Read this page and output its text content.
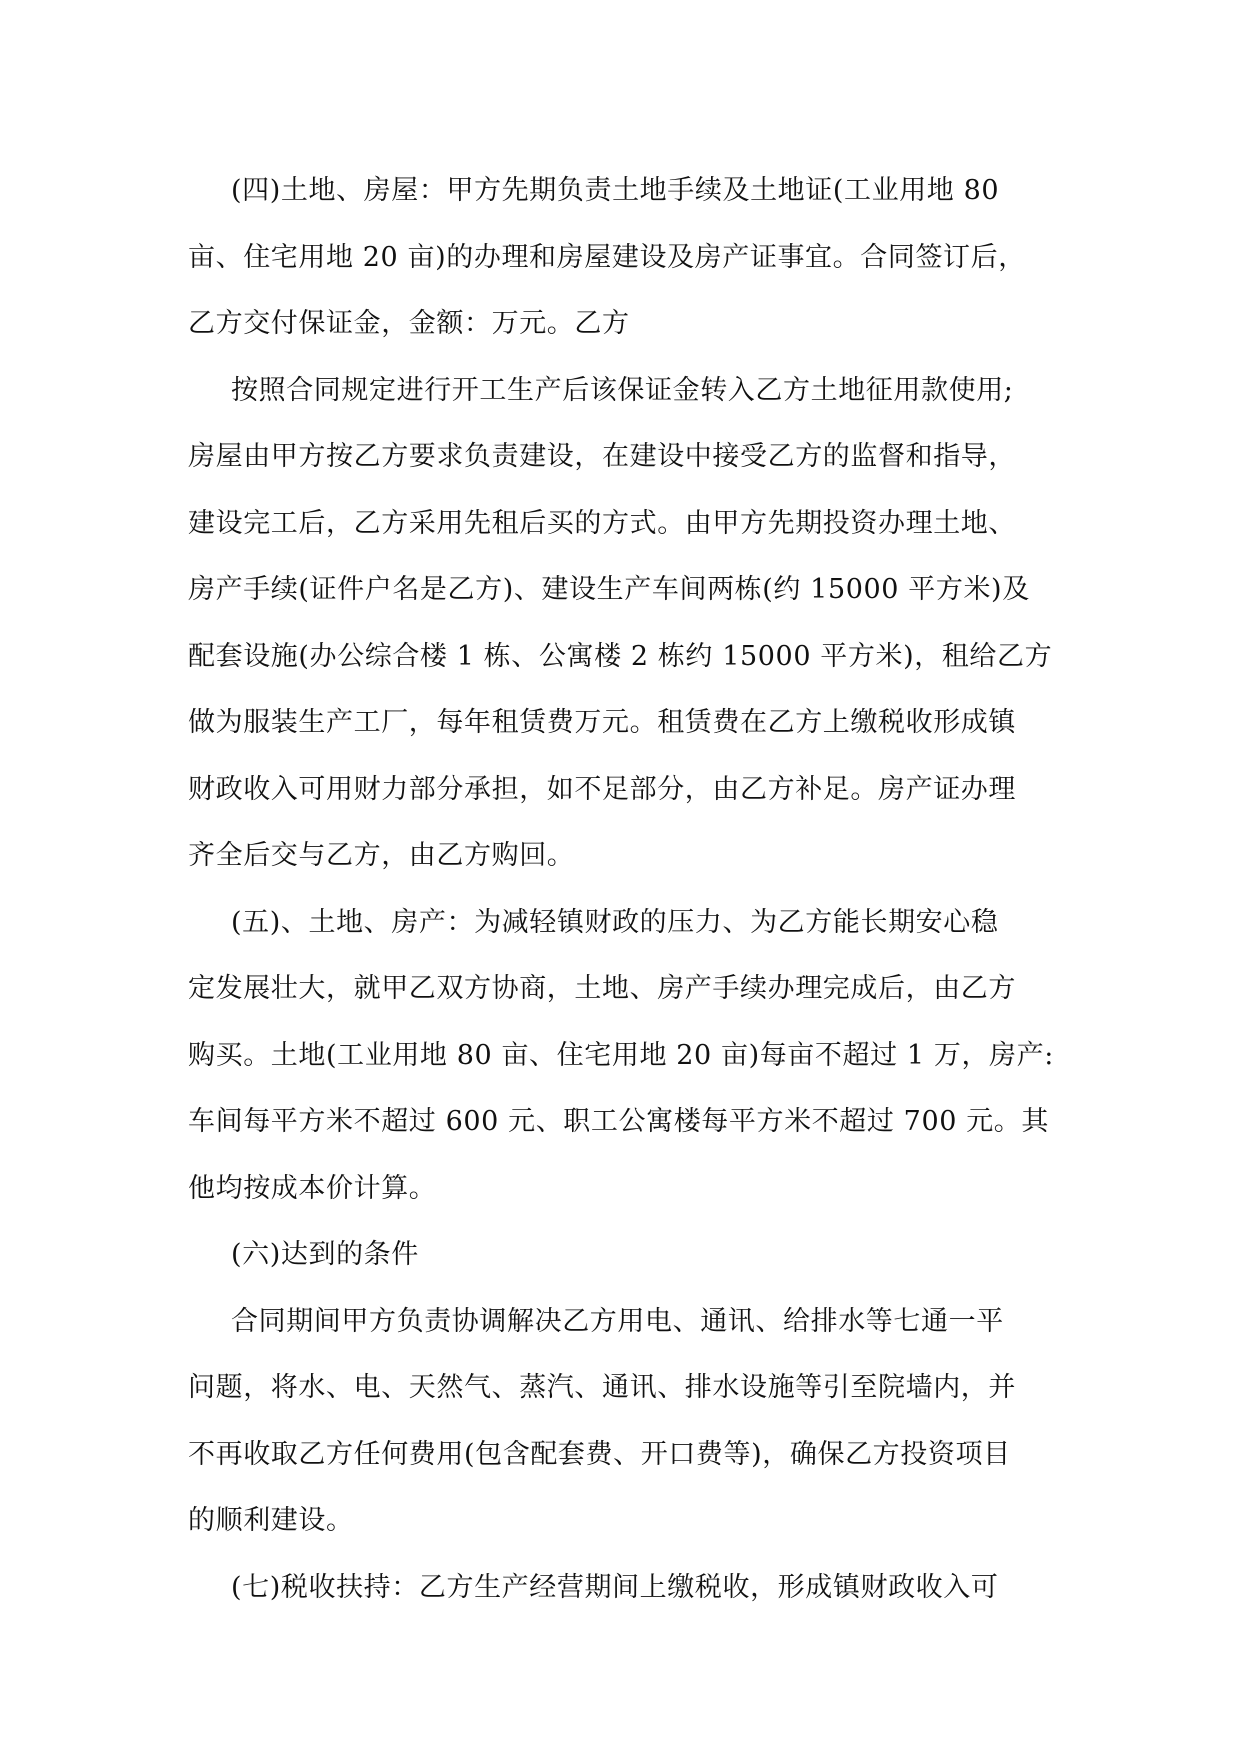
(四)土地、房屋：甲方先期负责土地手续及土地证(工业用地 80
亩、住宅用地 20 亩)的办理和房屋建设及房产证事宜。合同签订后，
乙方交付保证金，金额：万元。乙方
按照合同规定进行开工生产后该保证金转入乙方土地征用款使用;
房屋由甲方按乙方要求负责建设，在建设中接受乙方的监督和指导，
建设完工后，乙方采用先租后买的方式。由甲方先期投资办理土地、
房产手续(证件户名是乙方)、建设生产车间两栋(约 15000 平方米)及
配套设施(办公综合楼 1 栋、公寓楼 2 栋约 15000 平方米)，租给乙方
做为服装生产工厂，每年租赁费万元。租赁费在乙方上缴税收形成镇
财政收入可用财力部分承担，如不足部分，由乙方补足。房产证办理
齐全后交与乙方，由乙方购回。
(五)、土地、房产：为减轻镇财政的压力、为乙方能长期安心稳
定发展壮大，就甲乙双方协商，土地、房产手续办理完成后，由乙方
购买。土地(工业用地 80 亩、住宅用地 20 亩)每亩不超过 1 万，房产:
车间每平方米不超过 600 元、职工公寓楼每平方米不超过 700 元。其
他均按成本价计算。
(六)达到的条件
合同期间甲方负责协调解决乙方用电、通讯、给排水等七通一平
问题，将水、电、天然气、蒸汽、通讯、排水设施等引至院墙内，并
不再收取乙方任何费用(包含配套费、开口费等)，确保乙方投资项目
的顺利建设。
(七)税收扶持：乙方生产经营期间上缴税收，形成镇财政收入可
